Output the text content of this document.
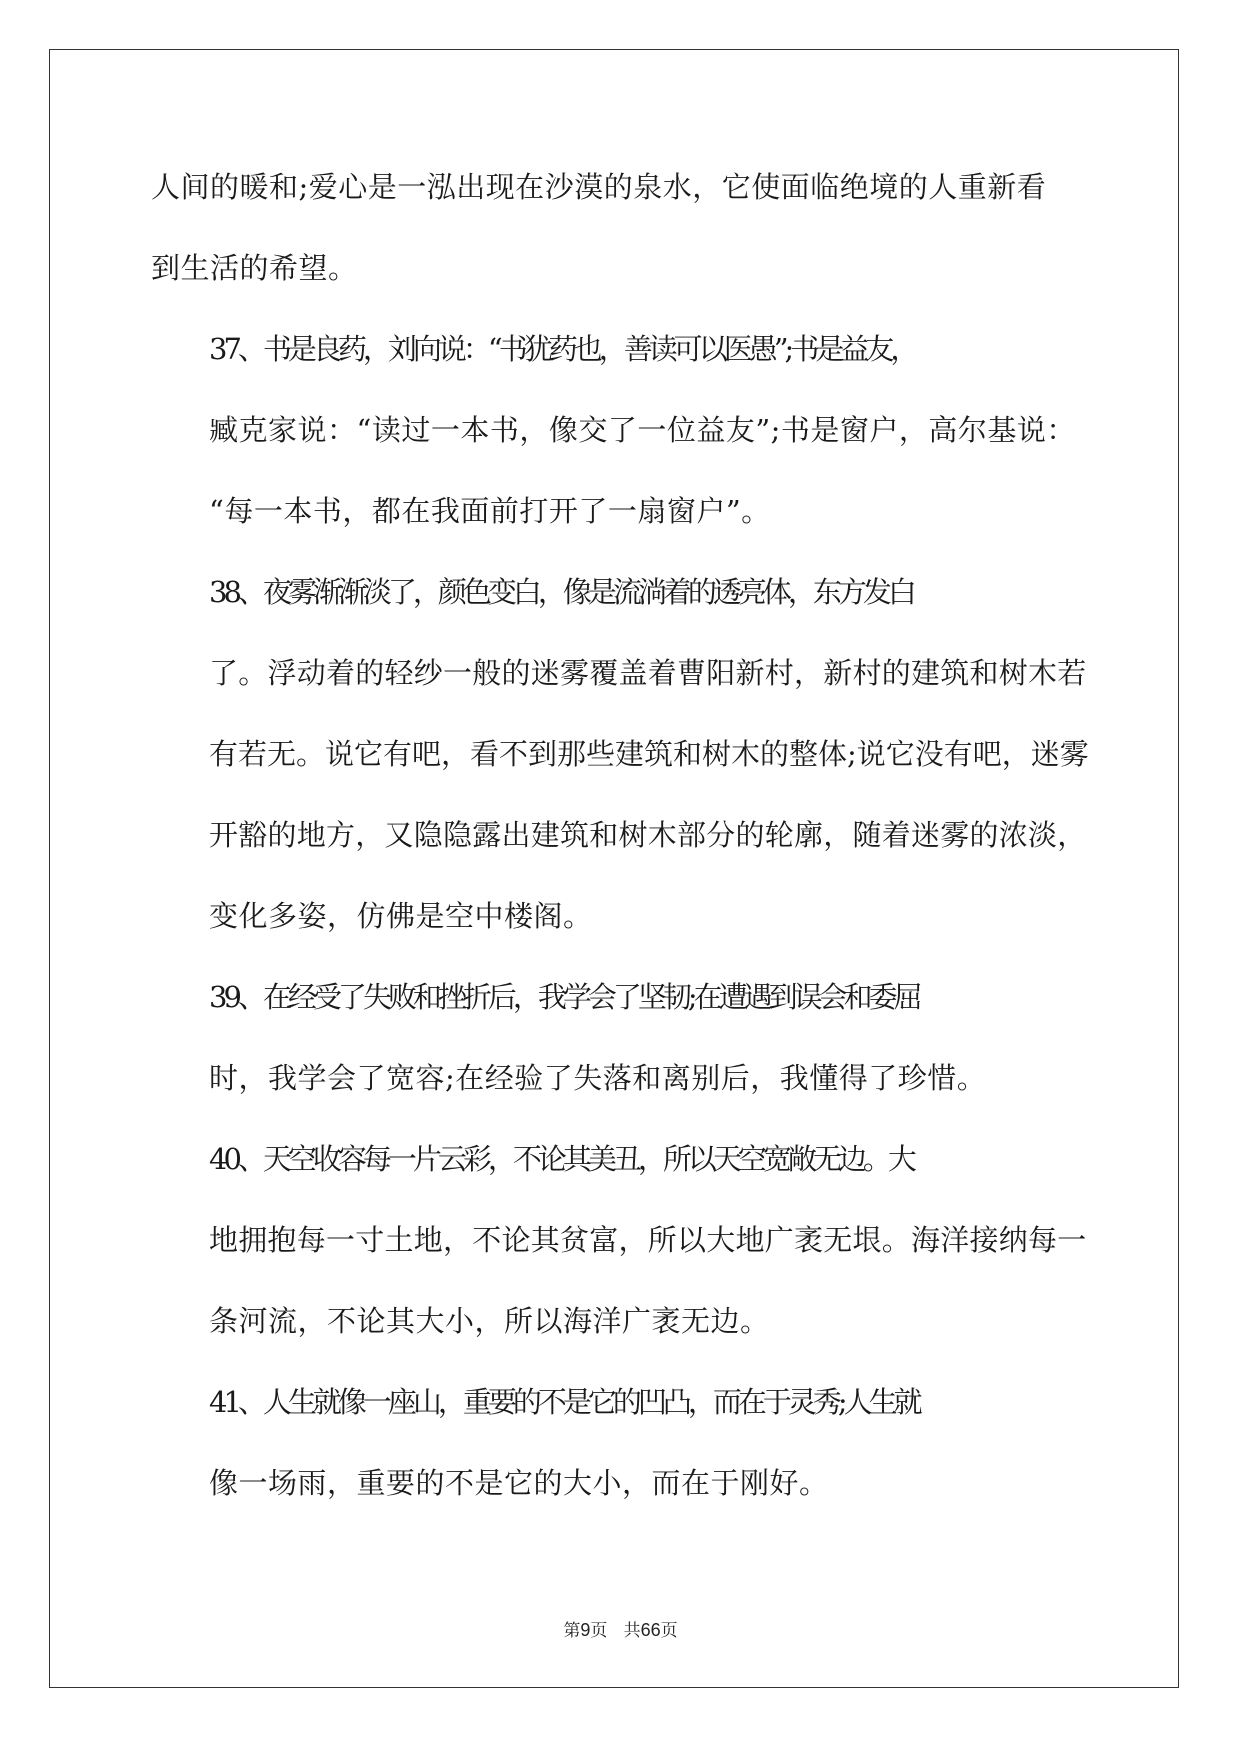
人间的暖和;爱心是一泓出现在沙漠的泉水，它使面临绝境的人重新看
到生活的希望。

37、书是良药，刘向说：“书犹药也，善读可以医愚”;书是益友，
臧克家说：“读过一本书，像交了一位益友”;书是窗户，高尔基说：
“每一本书，都在我面前打开了一扇窗户”。

38、夜雾渐渐淡了，颜色变白，像是流淌着的透亮体，东方发白
了。浮动着的轻纱一般的迷雾覆盖着曹阳新村，新村的建筑和树木若
有若无。说它有吧，看不到那些建筑和树木的整体;说它没有吧，迷雾
开豁的地方，又隐隐露出建筑和树木部分的轮廓，随着迷雾的浓淡，
变化多姿，仿佛是空中楼阁。

39、在经受了失败和挫折后，我学会了坚韧;在遭遇到误会和委屈
时，我学会了宽容;在经验了失落和离别后，我懂得了珍惜。

40、天空收容每一片云彩，不论其美丑，所以天空宽敞无边。大
地拥抱每一寸土地，不论其贫富，所以大地广袤无垠。海洋接纳每一
条河流，不论其大小，所以海洋广袤无边。

41、人生就像一座山，重要的不是它的凹凸，而在于灵秀;人生就
像一场雨，重要的不是它的大小，而在于刚好。

第9页 共66页
